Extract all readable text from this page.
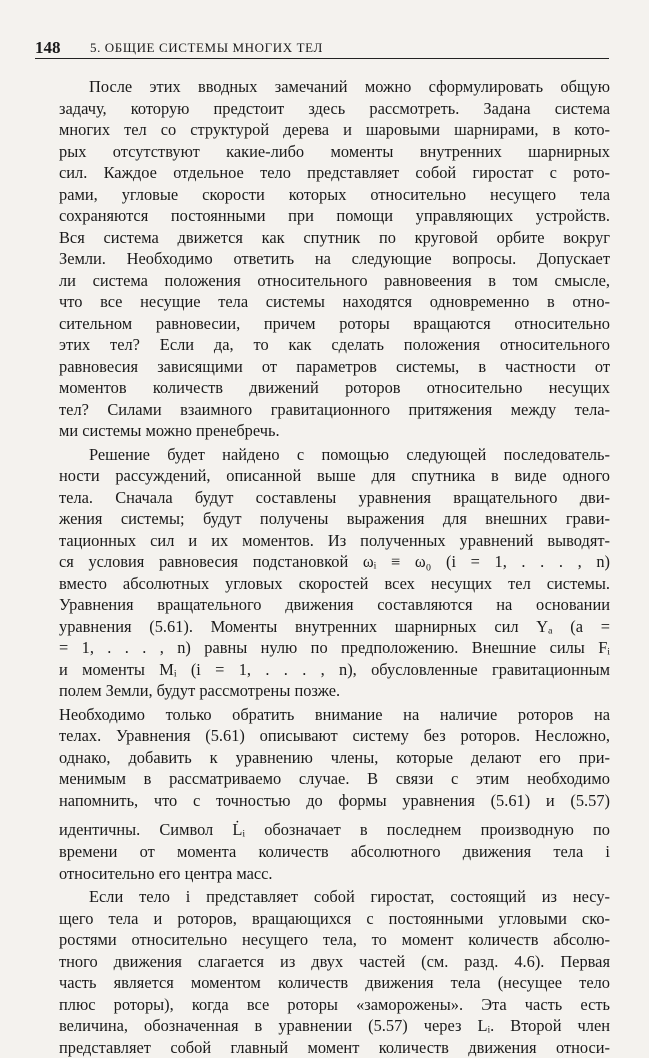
148 5. ОБЩИЕ СИСТЕМЫ МНОГИХ ТЕЛ
После этих вводных замечаний можно сформулировать общую
задачу, которую предстоит здесь рассмотреть. Задана система
многих тел со структурой дерева и шаровыми шарнирами, в кото-
рых отсутствуют какие-либо моменты внутренних шарнирных
сил. Каждое отдельное тело представляет собой гиростат с рото-
рами, угловые скорости которых относительно несущего тела
сохраняются постоянными при помощи управляющих устройств.
Вся система движется как спутник по круговой орбите вокруг
Земли. Необходимо ответить на следующие вопросы. Допускает
ли система положения относительного равновеения в том смысле,
что все несущие тела системы находятся одновременно в отно-
сительном равновесии, причем роторы вращаются относительно
этих тел? Если да, то как сделать положения относительного
равновесия зависящими от параметров системы, в частности от
моментов количеств движений роторов относительно несущих
тел? Силами взаимного гравитационного притяжения между тела-
ми системы можно пренебречь.
Решение будет найдено с помощью следующей последователь-
ности рассуждений, описанной выше для спутника в виде одного
тела. Сначала будут составлены уравнения вращательного дви-
жения системы; будут получены выражения для внешних грави-
тационных сил и их моментов. Из полученных уравнений выводят-
ся условия равновесия подстановкой ωᵢ ≡ ω₀ (i = 1, . . . , n)
вместо абсолютных угловых скоростей всех несущих тел системы.
Уравнения вращательного движения составляются на основании
уравнения (5.61). Моменты внутренних шарнирных сил Yₐ (a =
= 1, . . . , n) равны нулю по предположению. Внешние силы Fᵢ
и моменты Mᵢ (i = 1, . . . , n), обусловленные гравитационным
полем Земли, будут рассмотрены позже.
Необходимо только обратить внимание на наличие роторов на
телах. Уравнения (5.61) описывают систему без роторов. Несложно,
однако, добавить к уравнению члены, которые делают его при-
менимым в рассматриваемо случае. В связи с этим необходимо
напомнить, что с точностью до формы уравнения (5.61) и (5.57)
идентичны. Символ L̇ᵢ обозначает в последнем производную по
времени от момента количеств абсолютного движения тела i
относительно его центра масс.
Если тело i представляет собой гиростат, состоящий из несу-
щего тела и роторов, вращающихся с постоянными угловыми ско-
ростями относительно несущего тела, то момент количеств абсолю-
тного движения слагается из двух частей (см. разд. 4.6). Первая
часть является моментом количеств движения тела (несущее тело
плюс роторы), когда все роторы «заморожены». Эта часть есть
величина, обозначенная в уравнении (5.57) через Lᵢ. Второй член
представляет собой главный момент количеств движения относи-
